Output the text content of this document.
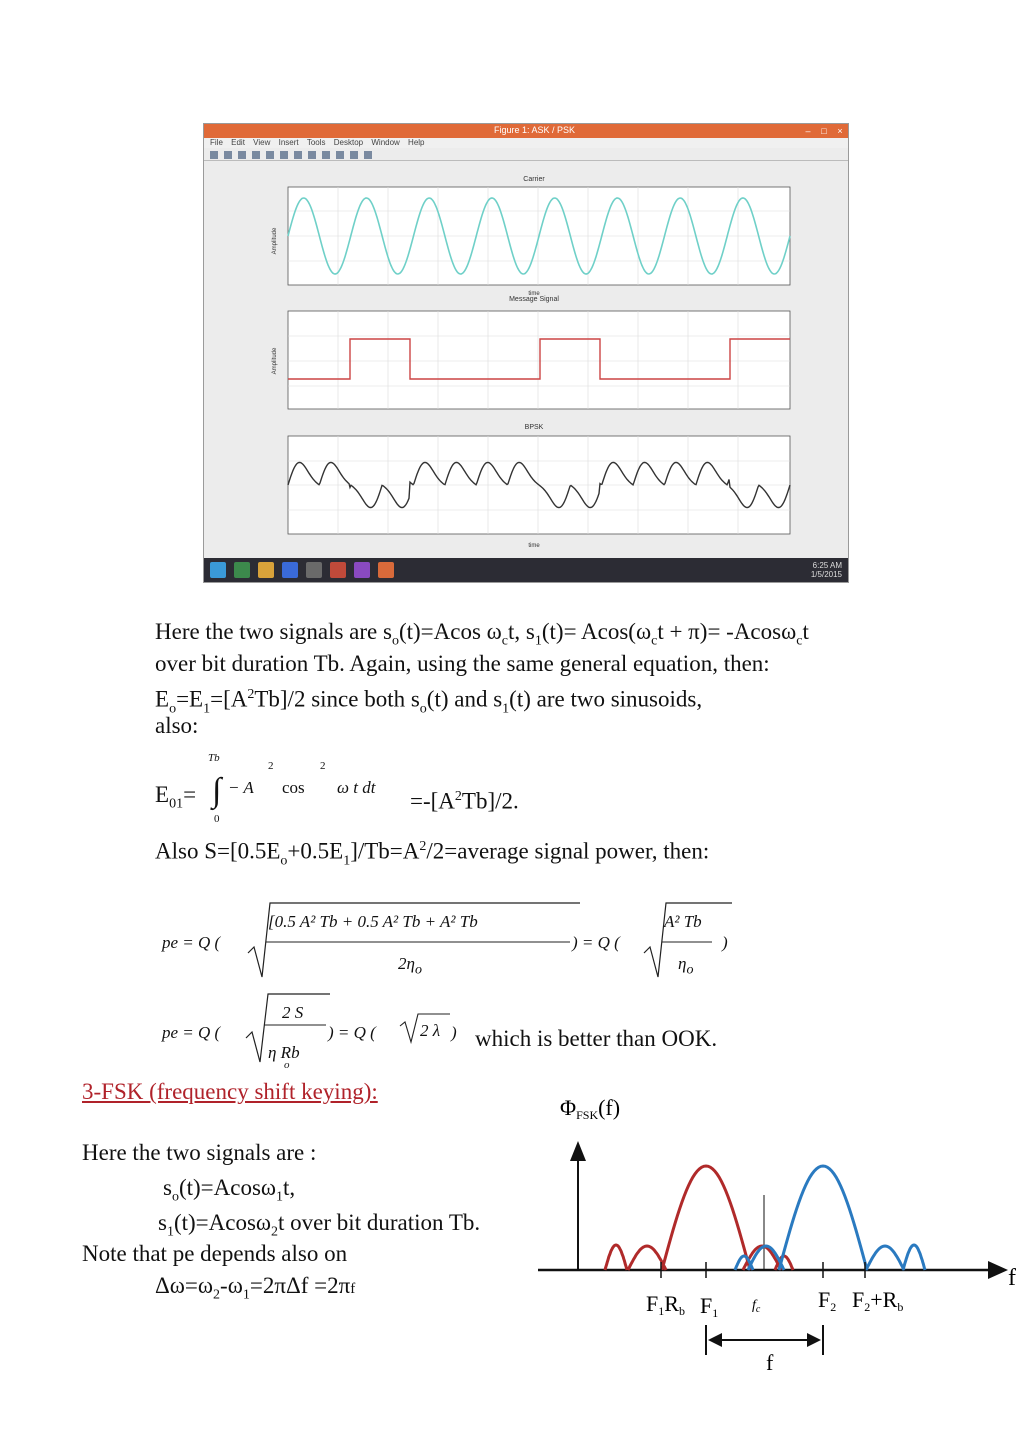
Figure 1: ASK / PSK	–	□	×
File Edit View Insert Tools Desktop Window Help
Carrier
Amplitude
Message Signal
time
Amplitude
BPSK
time
6:25 AM
1/5/2015
Here the two signals are $s_o(t)=Acos$ $\omega_ct$, $s_1(t)= Acos(\omega_ct + \pi)= -Acos\omega_ct$
over bit duration Tb. Again, using the same general equation, then:
$E_o=E_1=[A^2Tb]/2$ since both $s_o(t)$ and $s_1(t)$ are two sinusoids,
also:
$E_{01}=$ ∫
Tb
0
− A
2
cos
2
ω t dt
$=-[A^2Tb]/2$.
Also $S=[0.5E_o+0.5E_1]/Tb=A^2/2=average$ signal power, then:
pe = Q (
[0.5 A² Tb + 0.5 A² Tb + A² Tb
$2\eta_o$
) = Q (
A² Tb
$\eta_o$
)
pe = Q (
2 S
η Rb
o
) = Q (	2 λ ) which is better than OOK.
3-FSK (frequency shift keying):
Here the two signals are :
$s_o(t)=Acos\omega_1t$,
$s_1(t)=Acos\omega_2t$ over bit duration Tb.
Note that pe depends also on
$\Delta\omega=\omega_2-\omega_1=2\pi\Delta f =2\pi f$
ΦFSK(f)
f
F1Rb F1 $f_c$	F2 F2+Rb
f
